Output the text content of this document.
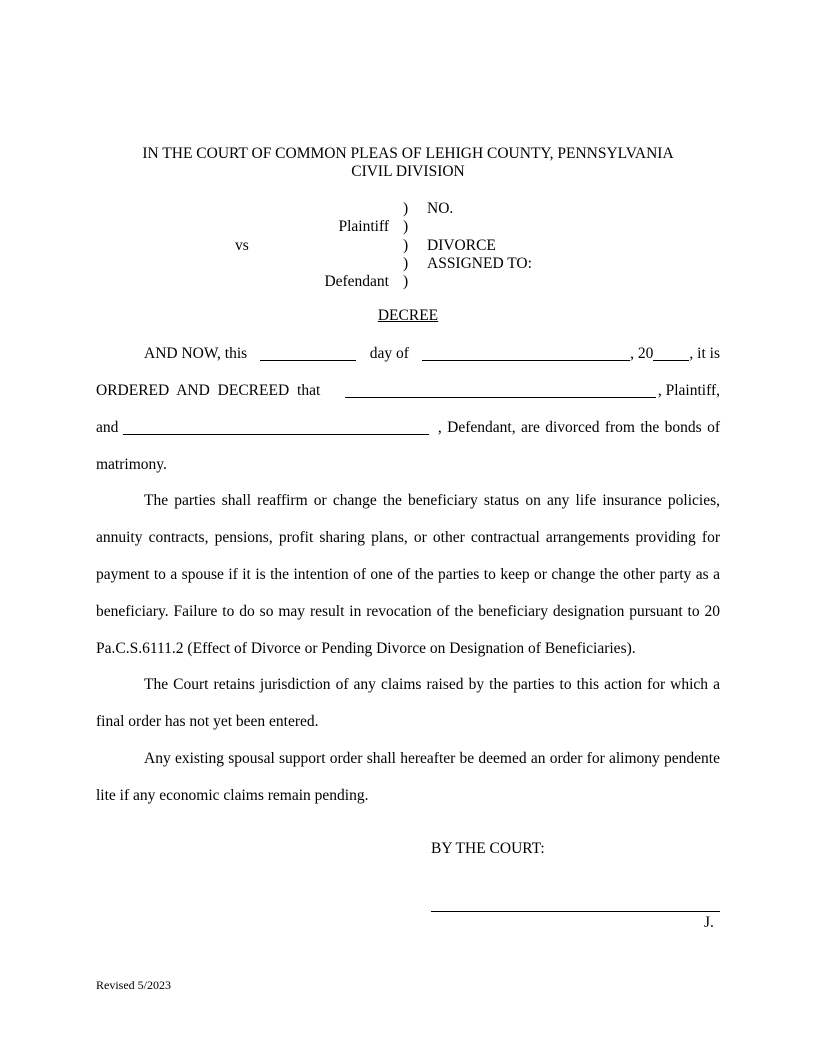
IN THE COURT OF COMMON PLEAS OF LEHIGH COUNTY, PENNSYLVANIA
CIVIL DIVISION
) NO.
Plaintiff )
vs	) DIVORCE
) ASSIGNED TO:
Defendant )
DECREE
AND NOW, this	day of	, 20 , it is
ORDERED AND DECREED that	, Plaintiff,
and	, Defendant, are divorced from the bonds of
matrimony.
The parties shall reaffirm or change the beneficiary status on any life insurance policies, annuity contracts, pensions, profit sharing plans, or other contractual arrangements providing for payment to a spouse if it is the intention of one of the parties to keep or change the other party as a beneficiary. Failure to do so may result in revocation of the beneficiary designation pursuant to 20 Pa.C.S.6111.2 (Effect of Divorce or Pending Divorce on Designation of Beneficiaries).
The Court retains jurisdiction of any claims raised by the parties to this action for which a final order has not yet been entered.
Any existing spousal support order shall hereafter be deemed an order for alimony pendente lite if any economic claims remain pending.
BY THE COURT:
J.
Revised 5/2023
